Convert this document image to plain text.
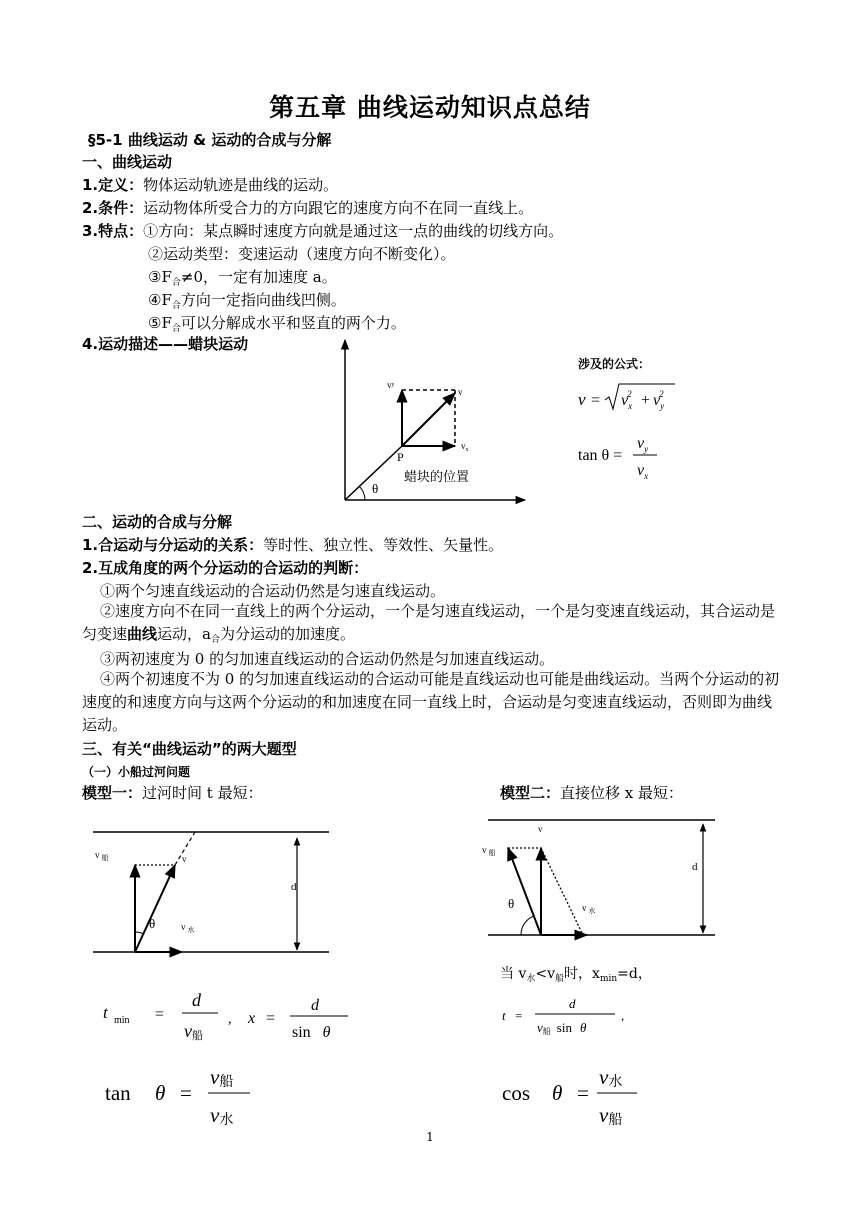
第五章 曲线运动知识点总结
§5-1 曲线运动 & 运动的合成与分解
一、曲线运动
1.定义：物体运动轨迹是曲线的运动。
2.条件：运动物体所受合力的方向跟它的速度方向不在同一直线上。
3.特点：①方向：某点瞬时速度方向就是通过这一点的曲线的切线方向。
②运动类型：变速运动（速度方向不断变化）。
$③F_合\ne 0$，一定有加速度 a。
$④F_合$方向一定指向曲线凹侧。
$⑤F_合$可以分解成水平和竖直的两个力。
4.运动描述——蜡块运动
$v^y$
v
$v_x$
P
蜡块的位置
θ
涉及的公式：
$v = v_x2 + v_y2$
tan θ =
$v_y$
$v_x$
二、运动的合成与分解
1.合运动与分运动的关系：等时性、独立性、等效性、矢量性。
2.互成角度的两个分运动的合运动的判断：
①两个匀速直线运动的合运动仍然是匀速直线运动。
②速度方向不在同一直线上的两个分运动，一个是匀速直线运动，一个是匀变速直线运动，其合运动是匀变速曲线运动，$a_合$为分运动的加速度。
③两初速度为 0 的匀加速直线运动的合运动仍然是匀加速直线运动。
④两个初速度不为 0 的匀加速直线运动的合运动可能是直线运动也可能是曲线运动。当两个分运动的初速度的和速度方向与这两个分运动的和加速度在同一直线上时，合运动是匀变速直线运动，否则即为曲线运动。
三、有关“曲线运动”的两大题型
（一）小船过河问题
模型一：过河时间 t 最短：	模型二：直接位移 x 最短：
v $_船$	v
θ	v $_水$
d
v
v $_船$
d
θ	v $_水$
当 $v_水<v_船$时，$x_{min}=d$，
t min =
d
v船
, x =
d
sin θ
t =
d
v船 sin θ
,
tan θ =
v船
v水
cos θ =
v水
v船
1
